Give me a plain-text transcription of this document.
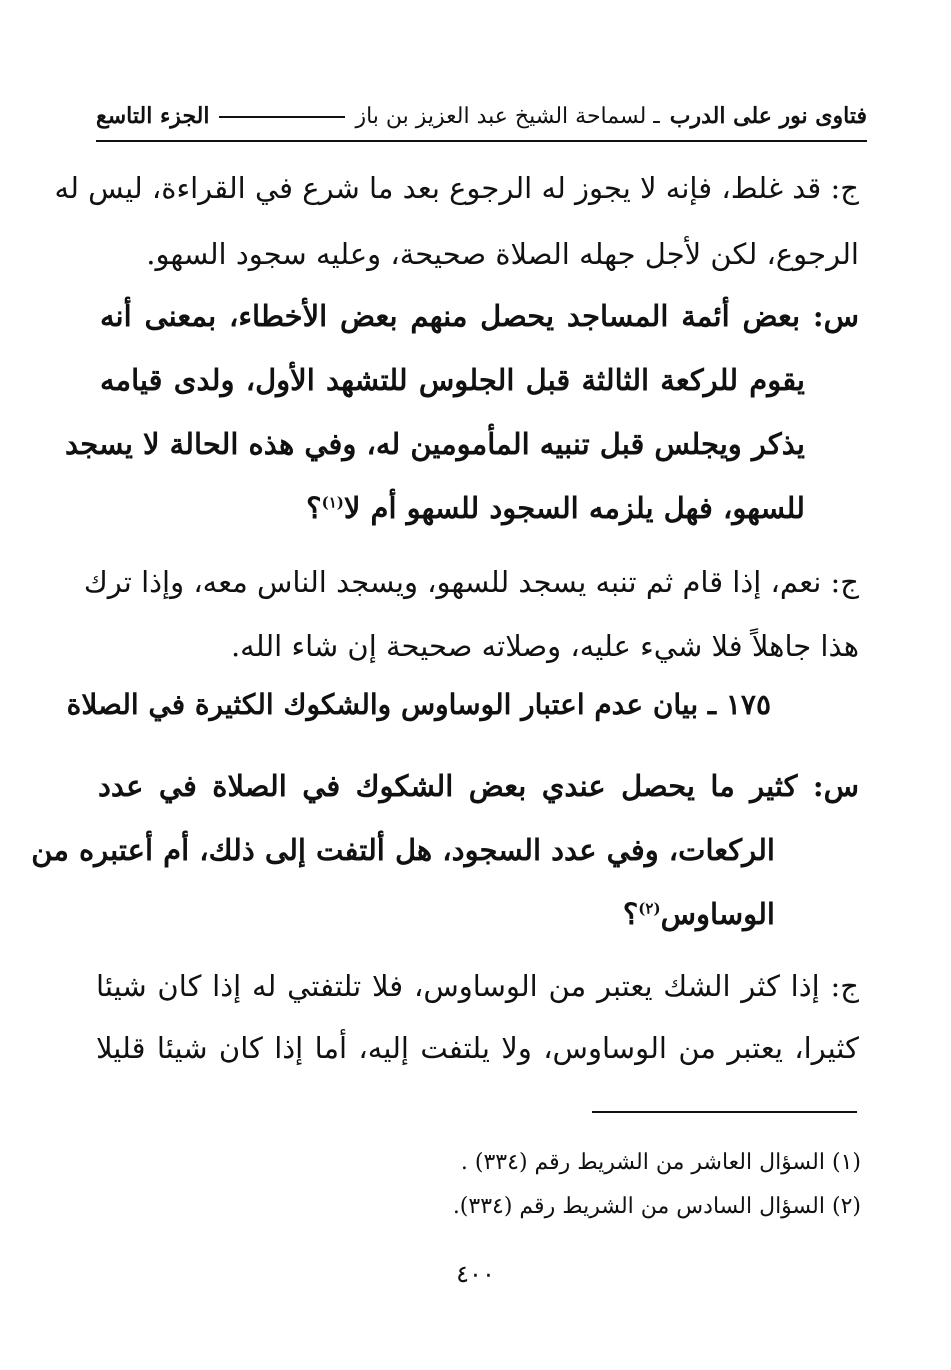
فتاوى نور على الدرب
ـ لسماحة الشيخ عبد العزيز بن باز
الجزء التاسع
ج: قد غلط، فإنه لا يجوز له الرجوع بعد ما شرع في القراءة، ليس له
الرجوع، لكن لأجل جهله الصلاة صحيحة، وعليه سجود السهو.
س: بعض أئمة المساجد يحصل منهم بعض الأخطاء، بمعنى أنه
يقوم للركعة الثالثة قبل الجلوس للتشهد الأول، ولدى قيامه
يذكر ويجلس قبل تنبيه المأمومين له، وفي هذه الحالة لا يسجد
للسهو، فهل يلزمه السجود للسهو أم لا$^{(١)}$؟
ج: نعم، إذا قام ثم تنبه يسجد للسهو، ويسجد الناس معه، وإذا ترك
هذا جاهلاً فلا شيء عليه، وصلاته صحيحة إن شاء الله.
١٧٥ ـ بيان عدم اعتبار الوساوس والشكوك الكثيرة في الصلاة
س: كثير ما يحصل عندي بعض الشكوك في الصلاة في عدد
الركعات، وفي عدد السجود، هل ألتفت إلى ذلك، أم أعتبره من
الوساوس$^{(٢)}$؟
ج: إذا كثر الشك يعتبر من الوساوس، فلا تلتفتي له إذا كان شيئا
كثيرا، يعتبر من الوساوس، ولا يلتفت إليه، أما إذا كان شيئا قليلا
(١) السؤال العاشر من الشريط رقم (٣٣٤) .
(٢) السؤال السادس من الشريط رقم (٣٣٤).
٤٠٠
